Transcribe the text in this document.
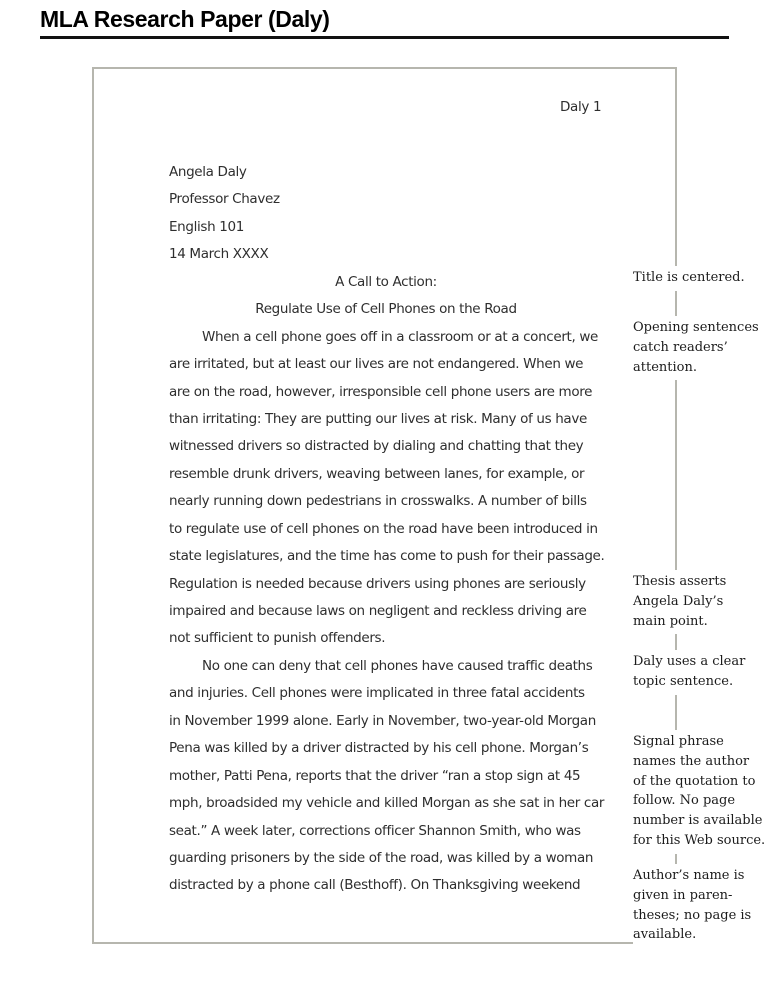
MLA Research Paper (Daly)
Daly 1
Angela Daly
Professor Chavez
English 101
14 March XXXX
A Call to Action:
Regulate Use of Cell Phones on the Road
When a cell phone goes off in a classroom or at a concert, we
are irritated, but at least our lives are not endangered. When we
are on the road, however, irresponsible cell phone users are more
than irritating: They are putting our lives at risk. Many of us have
witnessed drivers so distracted by dialing and chatting that they
resemble drunk drivers, weaving between lanes, for example, or
nearly running down pedestrians in crosswalks. A number of bills
to regulate use of cell phones on the road have been introduced in
state legislatures, and the time has come to push for their passage.
Regulation is needed because drivers using phones are seriously
impaired and because laws on negligent and reckless driving are
not sufficient to punish offenders.
No one can deny that cell phones have caused traffic deaths
and injuries. Cell phones were implicated in three fatal accidents
in November 1999 alone. Early in November, two-year-old Morgan
Pena was killed by a driver distracted by his cell phone. Morgan’s
mother, Patti Pena, reports that the driver “ran a stop sign at 45
mph, broadsided my vehicle and killed Morgan as she sat in her car
seat.” A week later, corrections officer Shannon Smith, who was
guarding prisoners by the side of the road, was killed by a woman
distracted by a phone call (Besthoff). On Thanksgiving weekend
Title is centered.
Opening sentences
catch readers’
attention.
Thesis asserts
Angela Daly’s
main point.
Daly uses a clear
topic sentence.
Signal phrase
names the author
of the quotation to
follow. No page
number is available
for this Web source.
Author’s name is
given in paren-
theses; no page is
available.
